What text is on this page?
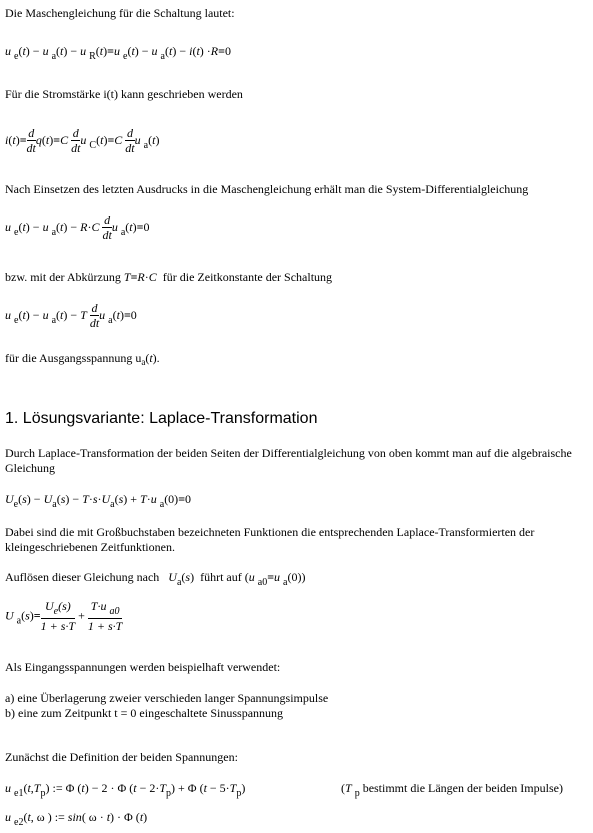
Die Maschengleichung für die Schaltung lautet:
u $_e$(t) − u $_a$(t) − u $_R$(t)=u $_e$(t) − u $_a$(t) − i(t) ·R=0
Für die Stromstärke i(t) kann geschrieben werden
$i(t)= \frac{d}{dt} q(t)=C \frac{d}{dt}$ u $_C(t)=C \frac{d}{dt}$ u $_a$(t)
Nach Einsetzen des letzten Ausdrucks in die Maschengleichung erhält man die System-Differentialgleichung
u $_e$(t) − u $_a(t) - R\cdot C \frac{d}{dt}$ u $_a$(t)=0
bzw. mit der Abkürzung T=R·C für die Zeitkonstante der Schaltung
u $_e$(t) − u $_a$(t) − T $\frac{d}{dt}$ u $_a$(t)=0
für die Ausgangsspannung $u_a(t)$.
1. Lösungsvariante: Laplace-Transformation
Durch Laplace-Transformation der beiden Seiten der Differentialgleichung von oben kommt man auf die algebraische Gleichung
$U_e(s) - U_a(s) - T\cdot s\cdot U_a(s) + T\cdot u$ $_a$(0)=0
Dabei sind die mit Großbuchstaben bezeichneten Funktionen die entsprechenden Laplace-Transformierten der kleingeschriebenen Zeitfunktionen.
Auflösen dieser Gleichung nach $U_a(s)$  führt auf (u $_{a0}$=u $_a$(0))
U $_a(s)= \frac{U_e(s)}{1 + s\cdot T} + \frac{T\cdot u _{a0}}{1 + s\cdot T}$
Als Eingangsspannungen werden beispielhaft verwendet:
a) eine Überlagerung zweier verschieden langer Spannungsimpulse
b) eine zum Zeitpunkt t = 0 eingeschaltete Sinusspannung
Zunächst die Definition der beiden Spannungen:
u $_{e1}(t,T_p)$ := Φ (t) − 2 · Φ $(t - 2\cdot T_p) + \Phi$ $(t - 5\cdot T_p)$	(T $_p$ bestimmt die Längen der beiden Impulse)
u $_{e2}$(t, ω ) := sin( ω · t) · Φ (t)
